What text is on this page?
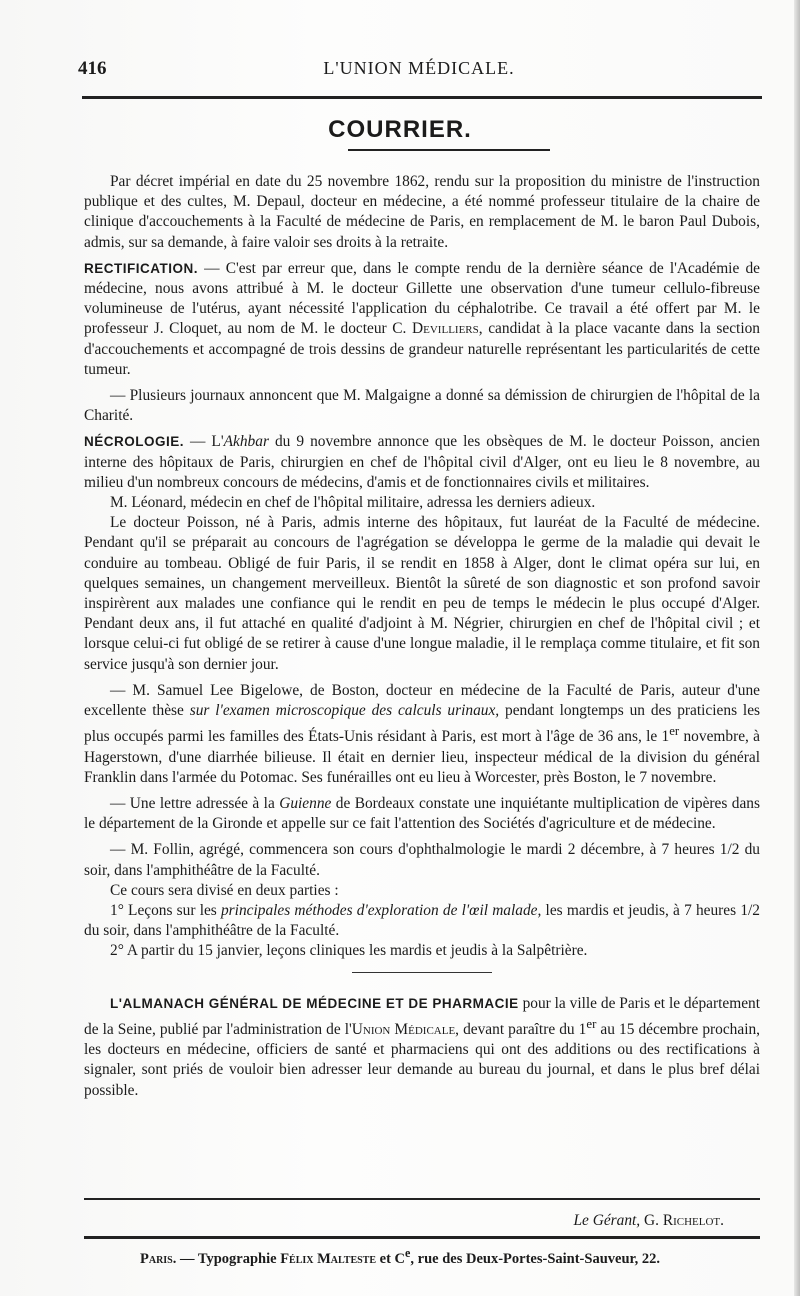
416	L'UNION MÉDICALE.
COURRIER.

Par décret impérial en date du 25 novembre 1862, rendu sur la proposition du ministre de l'instruction publique et des cultes, M. Depaul, docteur en médecine, a été nommé professeur titulaire de la chaire de clinique d'accouchements à la Faculté de médecine de Paris, en remplacement de M. le baron Paul Dubois, admis, sur sa demande, à faire valoir ses droits à la retraite.

RECTIFICATION. — C'est par erreur que, dans le compte rendu de la dernière séance de l'Académie de médecine, nous avons attribué à M. le docteur Gillette une observation d'une tumeur cellulo-fibreuse volumineuse de l'utérus, ayant nécessité l'application du céphalotribe. Ce travail a été offert par M. le professeur J. Cloquet, au nom de M. le docteur C. Devilliers, candidat à la place vacante dans la section d'accouchements et accompagné de trois dessins de grandeur naturelle représentant les particularités de cette tumeur.

— Plusieurs journaux annoncent que M. Malgaigne a donné sa démission de chirurgien de l'hôpital de la Charité.

NÉCROLOGIE. — L'Akhbar du 9 novembre annonce que les obsèques de M. le docteur Poisson, ancien interne des hôpitaux de Paris, chirurgien en chef de l'hôpital civil d'Alger, ont eu lieu le 8 novembre, au milieu d'un nombreux concours de médecins, d'amis et de fonctionnaires civils et militaires.

M. Léonard, médecin en chef de l'hôpital militaire, adressa les derniers adieux.

Le docteur Poisson, né à Paris, admis interne des hôpitaux, fut lauréat de la Faculté de médecine. Pendant qu'il se préparait au concours de l'agrégation se développa le germe de la maladie qui devait le conduire au tombeau. Obligé de fuir Paris, il se rendit en 1858 à Alger, dont le climat opéra sur lui, en quelques semaines, un changement merveilleux. Bientôt la sûreté de son diagnostic et son profond savoir inspirèrent aux malades une confiance qui le rendit en peu de temps le médecin le plus occupé d'Alger. Pendant deux ans, il fut attaché en qualité d'adjoint à M. Négrier, chirurgien en chef de l'hôpital civil ; et lorsque celui-ci fut obligé de se retirer à cause d'une longue maladie, il le remplaça comme titulaire, et fit son service jusqu'à son dernier jour.

— M. Samuel Lee Bigelowe, de Boston, docteur en médecine de la Faculté de Paris, auteur d'une excellente thèse sur l'examen microscopique des calculs urinaux, pendant longtemps un des praticiens les plus occupés parmi les familles des États-Unis résidant à Paris, est mort à l'âge de 36 ans, le 1er novembre, à Hagerstown, d'une diarrhée bilieuse. Il était en dernier lieu, inspecteur médical de la division du général Franklin dans l'armée du Potomac. Ses funérailles ont eu lieu à Worcester, près Boston, le 7 novembre.

— Une lettre adressée à la Guienne de Bordeaux constate une inquiétante multiplication de vipères dans le département de la Gironde et appelle sur ce fait l'attention des Sociétés d'agriculture et de médecine.

— M. Follin, agrégé, commencera son cours d'ophthalmologie le mardi 2 décembre, à 7 heures 1/2 du soir, dans l'amphithéâtre de la Faculté.

Ce cours sera divisé en deux parties :

1° Leçons sur les principales méthodes d'exploration de l'œil malade, les mardis et jeudis, à 7 heures 1/2 du soir, dans l'amphithéâtre de la Faculté.

2° A partir du 15 janvier, leçons cliniques les mardis et jeudis à la Salpêtrière.

L'ALMANACH GÉNÉRAL DE MÉDECINE ET DE PHARMACIE pour la ville de Paris et le département de la Seine, publié par l'administration de l'Union Médicale, devant paraître du 1er au 15 décembre prochain, les docteurs en médecine, officiers de santé et pharmaciens qui ont des additions ou des rectifications à signaler, sont priés de vouloir bien adresser leur demande au bureau du journal, et dans le plus bref délai possible.

Le Gérant, G. Richelot.
Paris. — Typographie Félix Malteste et Ce, rue des Deux-Portes-Saint-Sauveur, 22.
